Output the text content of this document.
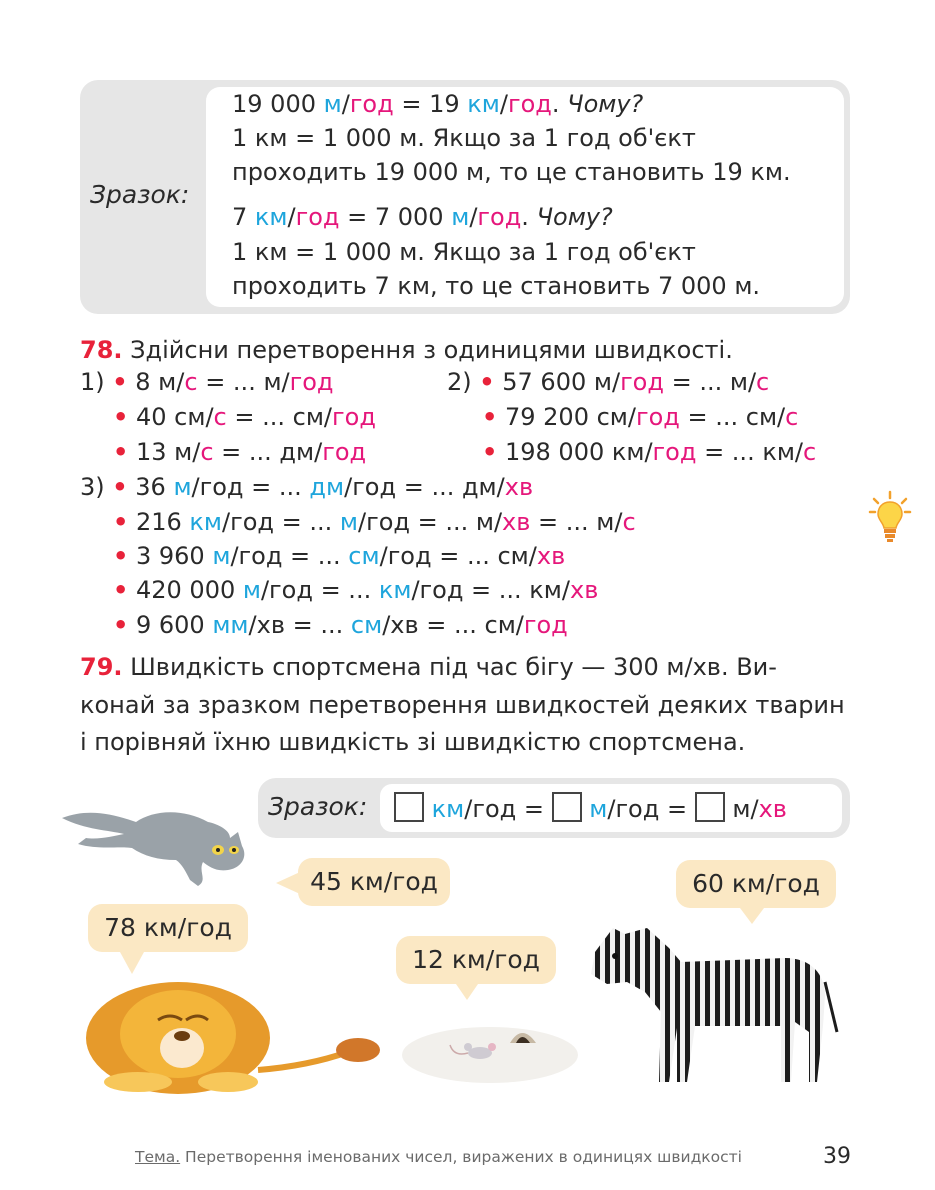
Зразок:
19 000 м/год = 19 км/год. Чому?
1 км = 1 000 м. Якщо за 1 год об'єкт
проходить 19 000 м, то це становить 19 км.
7 км/год = 7 000 м/год. Чому?
1 км = 1 000 м. Якщо за 1 год об'єкт
проходить 7 км, то це становить 7 000 м.
78. Здійсни перетворення з одиницями швидкості.
1) • 8 м/с = ... м/год
• 40 см/с = ... см/год
• 13 м/с = ... дм/год
2) • 57 600 м/год = ... м/с
• 79 200 см/год = ... см/с
• 198 000 км/год = ... км/с
3) • 36 м/год = ... дм/год = ... дм/хв
• 216 км/год = ... м/год = ... м/хв = ... м/с
• 3 960 м/год = ... см/год = ... см/хв
• 420 000 м/год = ... км/год = ... км/хв
• 9 600 мм/хв = ... см/хв = ... см/год
79. Швидкість спортсмена під час бігу — 300 м/хв. Ви-
конай за зразком перетворення швидкостей деяких тварин
і порівняй їхню швидкість зі швидкістю спортсмена.
Зразок:	км/год = м/год = м/хв
45 км/год
78 км/год
12 км/год
60 км/год
Тема. Перетворення іменованих чисел, виражених в одиницях швидкості	39
